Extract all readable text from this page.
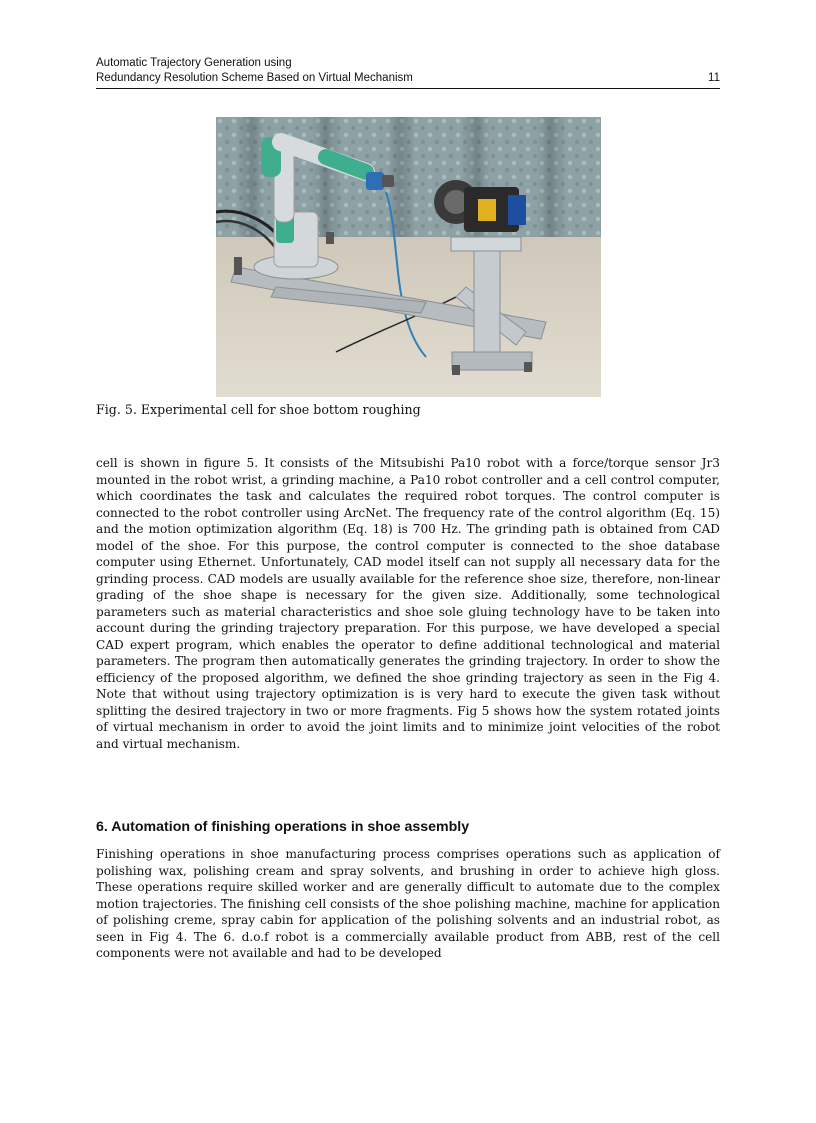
Automatic Trajectory Generation using
Redundancy Resolution Scheme Based on Virtual Mechanism	11
Fig. 5. Experimental cell for shoe bottom roughing

cell is shown in figure 5. It consists of the Mitsubishi Pa10 robot with a force/torque sensor Jr3 mounted in the robot wrist, a grinding machine, a Pa10 robot controller and a cell control computer, which coordinates the task and calculates the required robot torques. The control computer is connected to the robot controller using ArcNet. The frequency rate of the control algorithm (Eq. 15) and the motion optimization algorithm (Eq. 18) is 700 Hz. The grinding path is obtained from CAD model of the shoe. For this purpose, the control computer is connected to the shoe database computer using Ethernet. Unfortunately, CAD model itself can not supply all necessary data for the grinding process. CAD models are usually available for the reference shoe size, therefore, non-linear grading of the shoe shape is necessary for the given size. Additionally, some technological parameters such as material characteristics and shoe sole gluing technology have to be taken into account during the grinding trajectory preparation. For this purpose, we have developed a special CAD expert program, which enables the operator to define additional technological and material parameters. The program then automatically generates the grinding trajectory. In order to show the efficiency of the proposed algorithm, we defined the shoe grinding trajectory as seen in the Fig 4. Note that without using trajectory optimization is is very hard to execute the given task without splitting the desired trajectory in two or more fragments. Fig 5 shows how the system rotated joints of virtual mechanism in order to avoid the joint limits and to minimize joint velocities of the robot and virtual mechanism.

6. Automation of finishing operations in shoe assembly

Finishing operations in shoe manufacturing process comprises operations such as application of polishing wax, polishing cream and spray solvents, and brushing in order to achieve high gloss. These operations require skilled worker and are generally difficult to automate due to the complex motion trajectories. The finishing cell consists of the shoe polishing machine, machine for application of polishing creme, spray cabin for application of the polishing solvents and an industrial robot, as seen in Fig 4. The 6. d.o.f robot is a commercially available product from ABB, rest of the cell components were not available and had to be developed
